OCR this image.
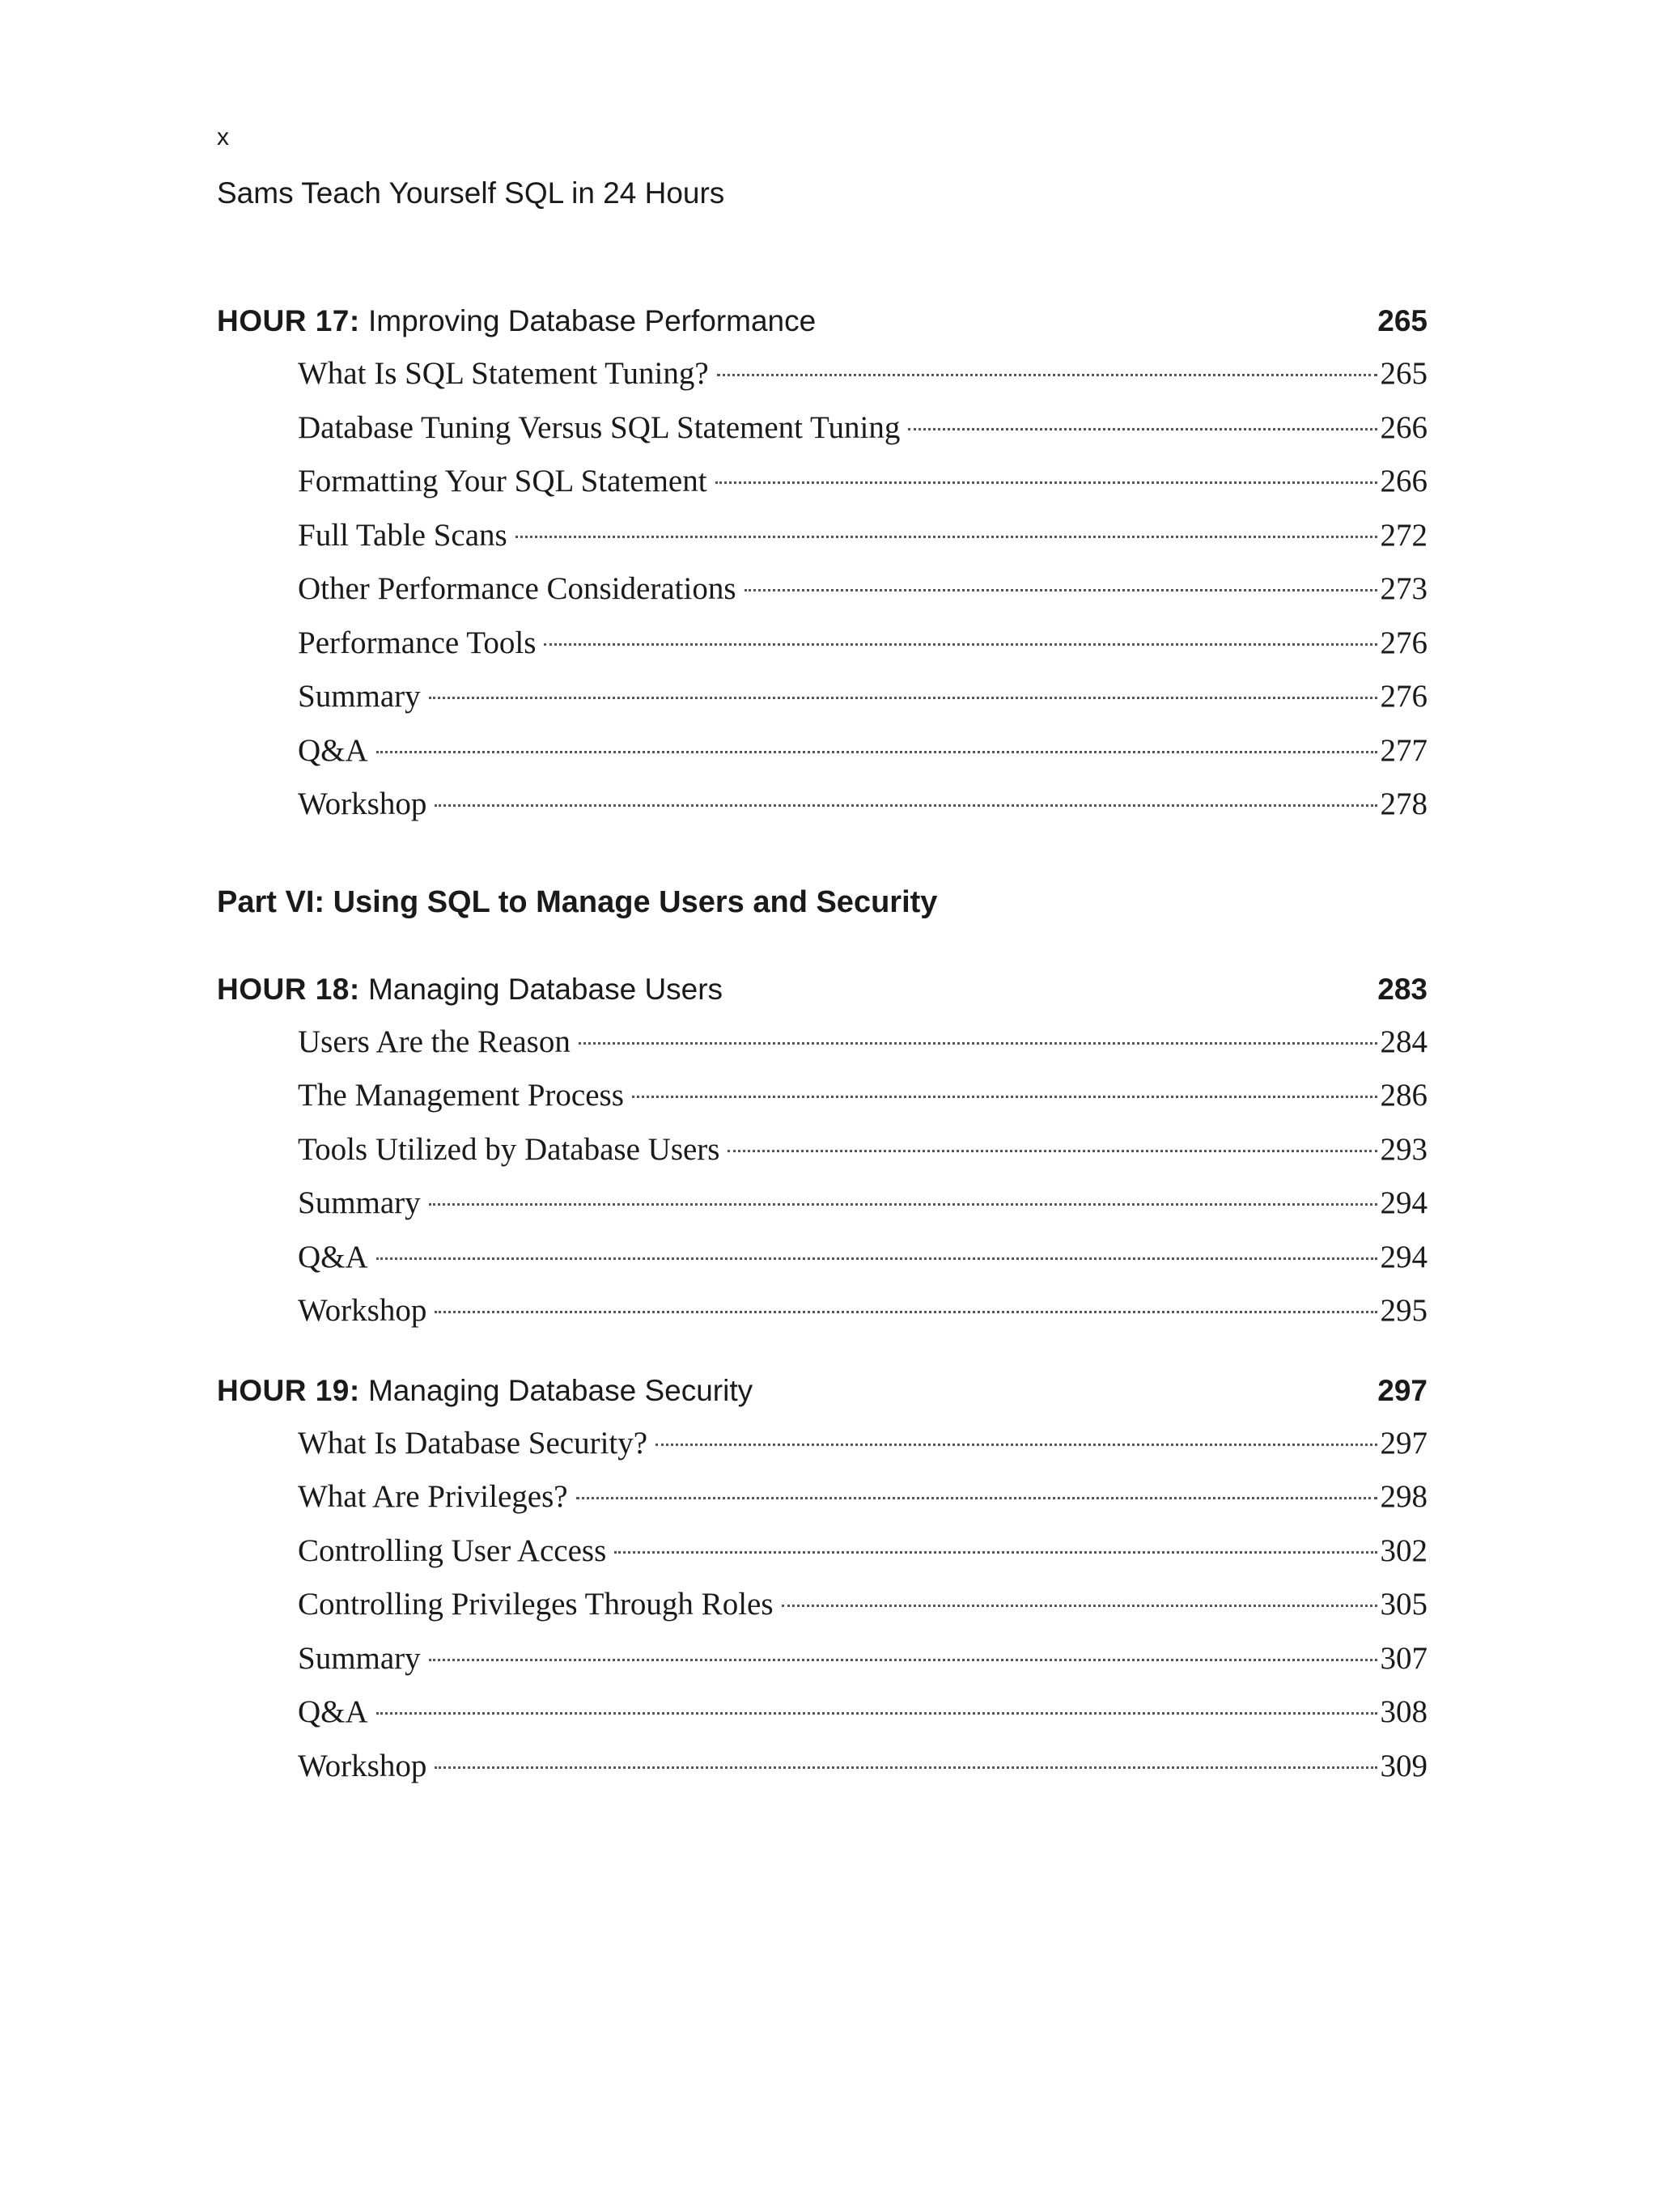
x
Sams Teach Yourself SQL in 24 Hours
HOUR 17: Improving Database Performance	265
What Is SQL Statement Tuning?	265
Database Tuning Versus SQL Statement Tuning	266
Formatting Your SQL Statement	266
Full Table Scans	272
Other Performance Considerations	273
Performance Tools	276
Summary	276
Q&A	277
Workshop	278
Part VI: Using SQL to Manage Users and Security
HOUR 18: Managing Database Users	283
Users Are the Reason	284
The Management Process	286
Tools Utilized by Database Users	293
Summary	294
Q&A	294
Workshop	295
HOUR 19: Managing Database Security	297
What Is Database Security?	297
What Are Privileges?	298
Controlling User Access	302
Controlling Privileges Through Roles	305
Summary	307
Q&A	308
Workshop	309
